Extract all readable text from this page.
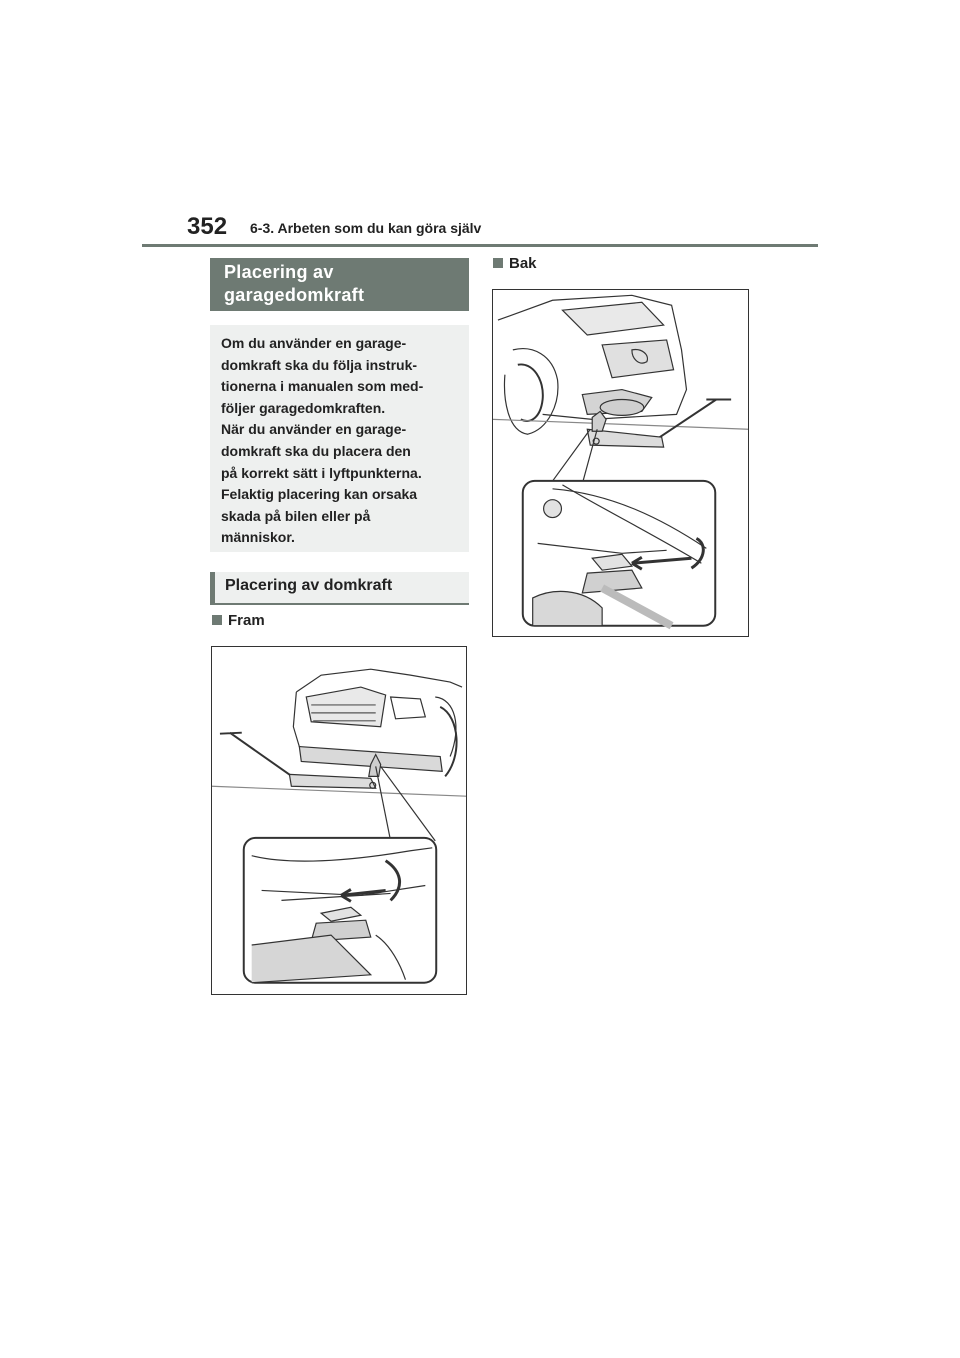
352 6-3. Arbeten som du kan göra själv
Placering av
garagedomkraft
Om du använder en garage-
domkraft ska du följa instruk-
tionerna i manualen som med-
följer garagedomkraften.
När du använder en garage-
domkraft ska du placera den
på korrekt sätt i lyftpunkterna.
Felaktig placering kan orsaka
skada på bilen eller på
människor.
Placering av domkraft
Fram
Bak
